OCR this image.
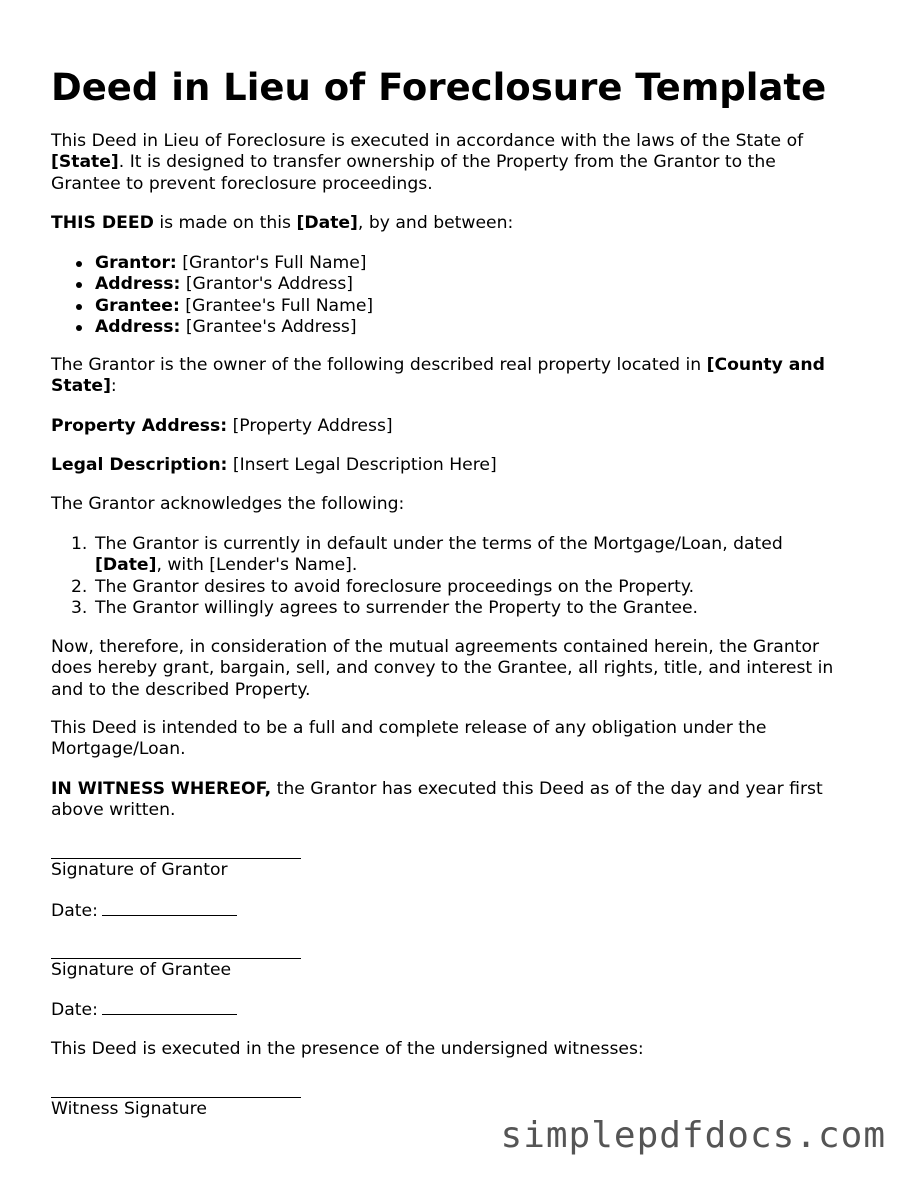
Deed in Lieu of Foreclosure Template

This Deed in Lieu of Foreclosure is executed in accordance with the laws of the State of
[State]. It is designed to transfer ownership of the Property from the Grantor to the
Grantee to prevent foreclosure proceedings.

THIS DEED is made on this [Date], by and between:

Grantor: [Grantor's Full Name]
Address: [Grantor's Address]
Grantee: [Grantee's Full Name]
Address: [Grantee's Address]

The Grantor is the owner of the following described real property located in [County and
State]:

Property Address: [Property Address]

Legal Description: [Insert Legal Description Here]

The Grantor acknowledges the following:

1. The Grantor is currently in default under the terms of the Mortgage/Loan, dated
[Date], with [Lender's Name].
2. The Grantor desires to avoid foreclosure proceedings on the Property.
3. The Grantor willingly agrees to surrender the Property to the Grantee.

Now, therefore, in consideration of the mutual agreements contained herein, the Grantor
does hereby grant, bargain, sell, and convey to the Grantee, all rights, title, and interest in
and to the described Property.

This Deed is intended to be a full and complete release of any obligation under the
Mortgage/Loan.

IN WITNESS WHEREOF, the Grantor has executed this Deed as of the day and year first
above written.

Signature of Grantor

Date:

Signature of Grantee

Date:

This Deed is executed in the presence of the undersigned witnesses:

Witness Signature

simplepdfdocs.com
